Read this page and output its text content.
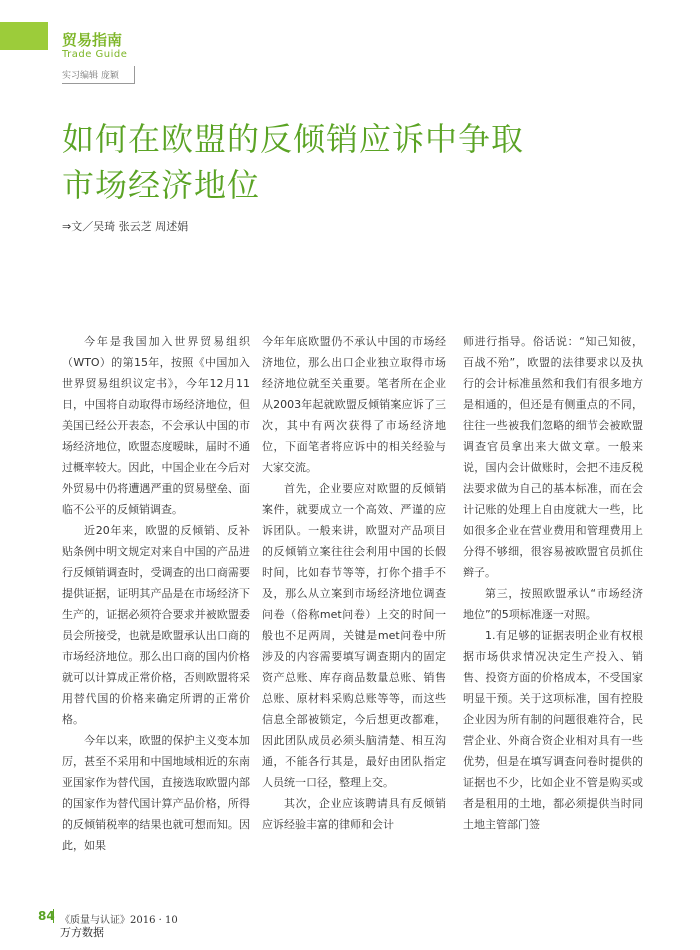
贸易指南
Trade Guide
实习编辑 庞颖
如何在欧盟的反倾销应诉中争取
市场经济地位
⇒文／吴琦 张云芝 周述娟

今年是我国加入世界贸易组织（WTO）的第15年，按照《中国加入世界贸易组织议定书》，今年12月11日，中国将自动取得市场经济地位，但美国已经公开表态，不会承认中国的市场经济地位，欧盟态度暧昧，届时不通过概率较大。因此，中国企业在今后对外贸易中仍将遭遇严重的贸易壁垒、面临不公平的反倾销调查。

近20年来，欧盟的反倾销、反补贴条例中明文规定对来自中国的产品进行反倾销调查时，受调查的出口商需要提供证据，证明其产品是在市场经济下生产的，证据必须符合要求并被欧盟委员会所接受，也就是欧盟承认出口商的市场经济地位。那么出口商的国内价格就可以计算成正常价格，否则欧盟将采用替代国的价格来确定所谓的正常价格。

今年以来，欧盟的保护主义变本加厉，甚至不采用和中国地域相近的东南亚国家作为替代国，直接选取欧盟内部的国家作为替代国计算产品价格，所得的反倾销税率的结果也就可想而知。因此，如果

今年年底欧盟仍不承认中国的市场经济地位，那么出口企业独立取得市场经济地位就至关重要。笔者所在企业从2003年起就欧盟反倾销案应诉了三次，其中有两次获得了市场经济地位，下面笔者将应诉中的相关经验与大家交流。

首先，企业要应对欧盟的反倾销案件，就要成立一个高效、严谨的应诉团队。一般来讲，欧盟对产品项目的反倾销立案往往会利用中国的长假时间，比如春节等等，打你个措手不及，那么从立案到市场经济地位调查问卷（俗称met问卷）上交的时间一般也不足两周，关键是met问卷中所涉及的内容需要填写调查期内的固定资产总账、库存商品数量总账、销售总账、原材料采购总账等等，而这些信息全部被锁定，今后想更改都难，因此团队成员必须头脑清楚、相互沟通，不能各行其是，最好由团队指定人员统一口径，整理上交。

其次，企业应该聘请具有反倾销应诉经验丰富的律师和会计

师进行指导。俗话说：“知己知彼，百战不殆”，欧盟的法律要求以及执行的会计标准虽然和我们有很多地方是相通的，但还是有侧重点的不同，往往一些被我们忽略的细节会被欧盟调查官员拿出来大做文章。一般来说，国内会计做账时，会把不违反税法要求做为自己的基本标准，而在会计记账的处理上自由度就大一些，比如很多企业在营业费用和管理费用上分得不够细，很容易被欧盟官员抓住辫子。

第三，按照欧盟承认“市场经济地位”的5项标准逐一对照。

1.有足够的证据表明企业有权根据市场供求情况决定生产投入、销售、投资方面的价格成本，不受国家明显干预。关于这项标准，国有控股企业因为所有制的问题很难符合，民营企业、外商合资企业相对具有一些优势，但是在填写调查问卷时提供的证据也不少，比如企业不管是购买或者是租用的土地，都必须提供当时同土地主管部门签

84 《质量与认证》2016 · 10
万方数据
